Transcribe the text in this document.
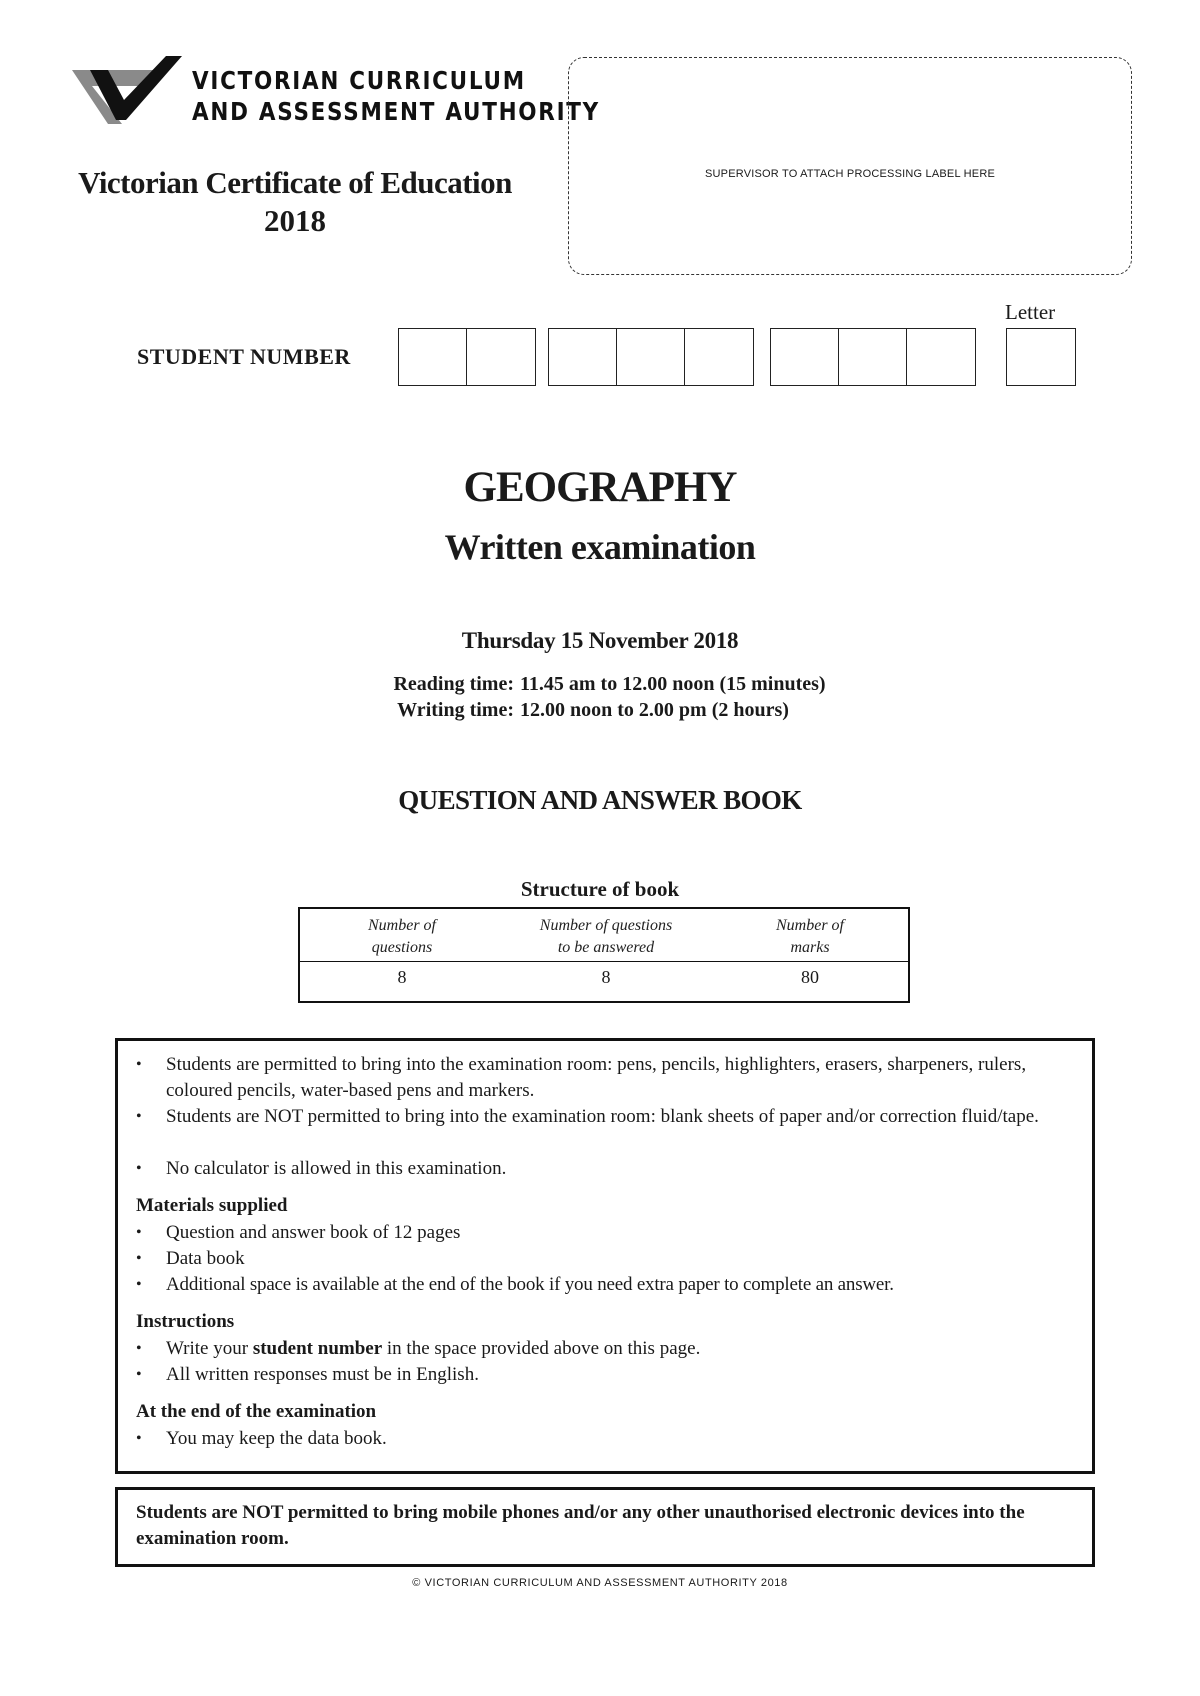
VICTORIAN CURRICULUM
AND ASSESSMENT AUTHORITY
Victorian Certificate of Education
2018
SUPERVISOR TO ATTACH PROCESSING LABEL HERE
STUDENT NUMBER
Letter
GEOGRAPHY
Written examination
Thursday 15 November 2018
Reading time: 11.45 am to 12.00 noon (15 minutes)
Writing time: 12.00 noon to 2.00 pm (2 hours)
QUESTION AND ANSWER BOOK
Structure of book
Number of
questions
Number of questions
to be answered
Number of
marks
8	8	80
• Students are permitted to bring into the examination room: pens, pencils, highlighters, erasers, sharpeners, rulers, coloured pencils, water-based pens and markers.
• Students are NOT permitted to bring into the examination room: blank sheets of paper and/or correction fluid/tape.
• No calculator is allowed in this examination.
Materials supplied
• Question and answer book of 12 pages
• Data book
• Additional space is available at the end of the book if you need extra paper to complete an answer.
Instructions
• Write your student number in the space provided above on this page.
• All written responses must be in English.
At the end of the examination
• You may keep the data book.
Students are NOT permitted to bring mobile phones and/or any other unauthorised electronic devices into the examination room.
© VICTORIAN CURRICULUM AND ASSESSMENT AUTHORITY 2018
